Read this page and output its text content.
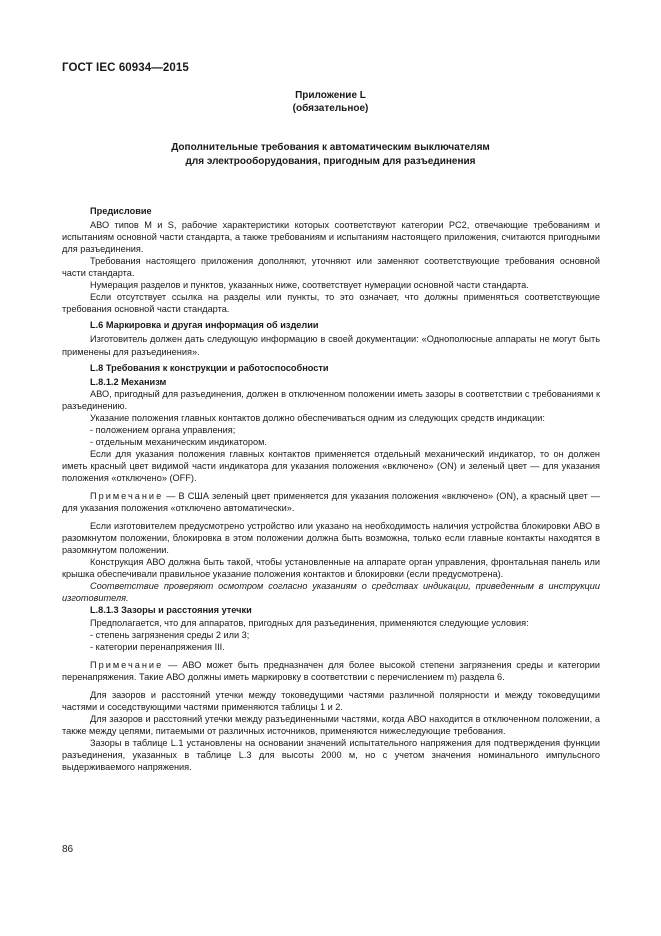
ГОСТ IEC 60934—2015
Приложение L
(обязательное)
Дополнительные требования к автоматическим выключателям
для электрооборудования, пригодным для разъединения

Предисловие

АВО типов M и S, рабочие характеристики которых соответствуют категории PC2, отвечающие требованиям и испытаниям основной части стандарта, а также требованиям и испытаниям настоящего приложения, считаются пригодными для разъединения.

Требования настоящего приложения дополняют, уточняют или заменяют соответствующие требования основной части стандарта.

Нумерация разделов и пунктов, указанных ниже, соответствует нумерации основной части стандарта.

Если отсутствует ссылка на разделы или пункты, то это означает, что должны применяться соответствующие требования основной части стандарта.

L.6 Маркировка и другая информация об изделии

Изготовитель должен дать следующую информацию в своей документации: «Однополюсные аппараты не могут быть применены для разъединения».

L.8 Требования к конструкции и работоспособности

L.8.1.2 Механизм

АВО, пригодный для разъединения, должен в отключенном положении иметь зазоры в соответствии с требованиями к разъединению.

Указание положения главных контактов должно обеспечиваться одним из следующих средств индикации:

- положением органа управления;

- отдельным механическим индикатором.

Если для указания положения главных контактов применяется отдельный механический индикатор, то он должен иметь красный цвет видимой части индикатора для указания положения «включено» (ON) и зеленый цвет — для указания положения «отключено» (OFF).

Примечание — В США зеленый цвет применяется для указания положения «включено» (ON), а красный цвет — для указания положения «отключено автоматически».

Если изготовителем предусмотрено устройство или указано на необходимость наличия устройства блокировки АВО в разомкнутом положении, блокировка в этом положении должна быть возможна, только если главные контакты находятся в разомкнутом положении.

Конструкция АВО должна быть такой, чтобы установленные на аппарате орган управления, фронтальная панель или крышка обеспечивали правильное указание положения контактов и блокировки (если предусмотрена).

Соответствие проверяют осмотром согласно указаниям о средствах индикации, приведенным в инструкции изготовителя.

L.8.1.3 Зазоры и расстояния утечки

Предполагается, что для аппаратов, пригодных для разъединения, применяются следующие условия:

- степень загрязнения среды 2 или 3;

- категории перенапряжения III.

Примечание — АВО может быть предназначен для более высокой степени загрязнения среды и категории перенапряжения. Такие АВО должны иметь маркировку в соответствии с перечислением m) раздела 6.

Для зазоров и расстояний утечки между токоведущими частями различной полярности и между токоведущими частями и соседствующими частями применяются таблицы 1 и 2.

Для зазоров и расстояний утечки между разъединенными частями, когда АВО находится в отключенном положении, а также между цепями, питаемыми от различных источников, применяются нижеследующие требования.

Зазоры в таблице L.1 установлены на основании значений испытательного напряжения для подтверждения функции разъединения, указанных в таблице L.3 для высоты 2000 м, но с учетом значения номинального импульсного выдерживаемого напряжения.

86
